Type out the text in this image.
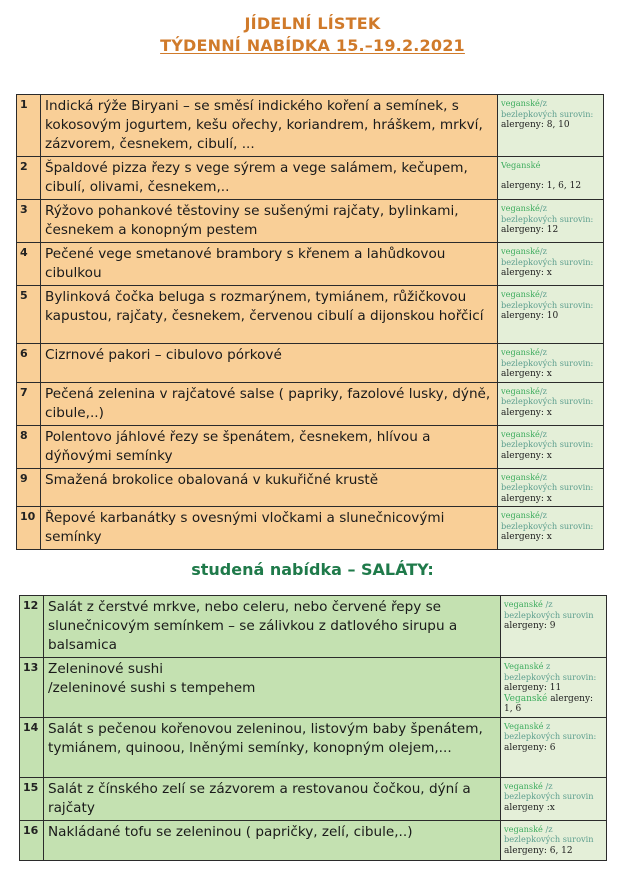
JÍDELNÍ LÍSTEK
TÝDENNÍ NABÍDKA 15.–19.2.2021
1	Indická rýže Biryani – se směsí indického koření a semínek, s kokosovým jogurtem, kešu ořechy, koriandrem, hráškem, mrkví, zázvorem, česnekem, cibulí, ...	veganské/z bezlepkových surovin:
alergeny: 8, 10

2	Špaldové pizza řezy s vege sýrem a vege salámem, kečupem, cibulí, olivami, česnekem,..	Veganské
alergeny: 1, 6, 12

3	Rýžovo pohankové těstoviny se sušenými rajčaty, bylinkami, česnekem a konopným pestem	veganské/z bezlepkových surovin:
alergeny: 12

4	Pečené vege smetanové brambory s křenem a lahůdkovou cibulkou	veganské/z bezlepkových surovin:
alergeny: x

5	Bylinková čočka beluga s rozmarýnem, tymiánem, růžičkovou kapustou, rajčaty, česnekem, červenou cibulí a dijonskou hořčicí	veganské/z bezlepkových surovin:
alergeny: 10

6	Cizrnové pakori – cibulovo pórkové	veganské/z bezlepkových surovin:
alergeny: x

7	Pečená zelenina v rajčatové salse ( papriky, fazolové lusky, dýně, cibule,..)	veganské/z bezlepkových surovin:
alergeny: x

8	Polentovo jáhlové řezy se špenátem, česnekem, hlívou a dýňovými semínky	veganské/z bezlepkových surovin:
alergeny: x

9	Smažená brokolice obalovaná v kukuřičné krustě	veganské/z bezlepkových surovin:
alergeny: x

10	Řepové karbanátky s ovesnými vločkami a slunečnicovými semínky	veganské/z bezlepkových surovin:
alergeny: x
studená nabídka – SALÁTY:
12	Salát z čerstvé mrkve, nebo celeru, nebo červené řepy se slunečnicovým semínkem – se zálivkou z datlového sirupu a balsamica	veganské /z bezlepkových surovin
alergeny: 9

13	Zeleninové sushi
/zeleninové sushi s tempehem	Veganské z bezlepkových surovin:
alergeny: 11
Veganské alergeny: 1, 6

14	Salát s pečenou kořenovou zeleninou, listovým baby špenátem, tymiánem, quinoou, lněnými semínky, konopným olejem,...	Veganské z bezlepkových surovin:
alergeny: 6

15	Salát z čínského zelí se zázvorem a restovanou čočkou, dýní a rajčaty	veganské /z bezlepkových surovin
alergeny :x

16	Nakládané tofu se zeleninou ( papričky, zelí, cibule,..)	veganské /z bezlepkových surovin
alergeny: 6, 12
